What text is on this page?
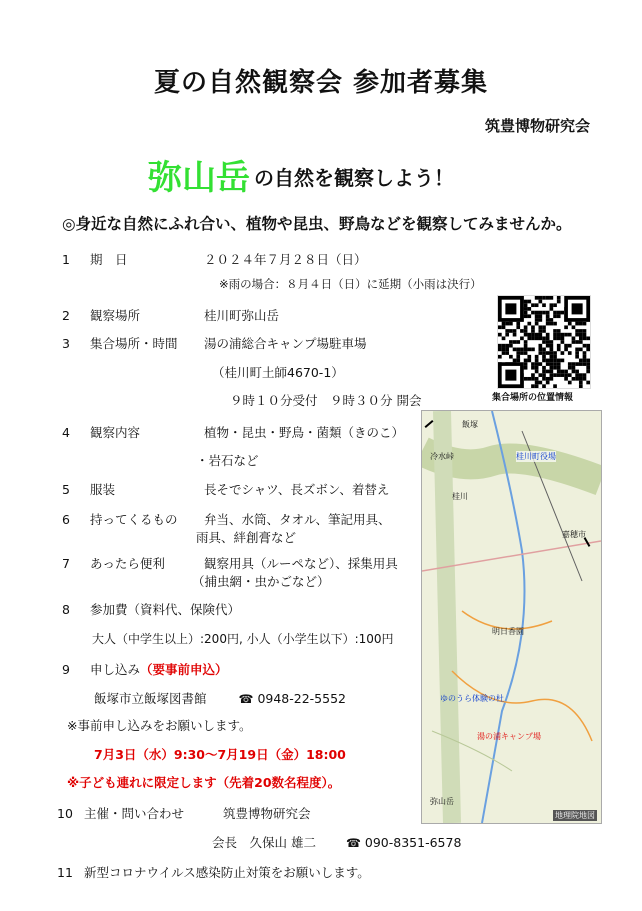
夏の自然観察会 参加者募集
筑豊博物研究会
弥山岳 の自然を観察しよう！
◎身近な自然にふれ合い、植物や昆虫、野鳥などを観察してみませんか。
1 期　日	２０２４年７月２８日（日）
※雨の場合：８月４日（日）に延期（小雨は決行）
2 観察場所	桂川町弥山岳
3 集合場所・時間 湯の浦総合キャンプ場駐車場
（桂川町土師4670-1）
９時１０分受付　９時３０分 開会	集合場所の位置情報
4 観察内容	植物・昆虫・野鳥・菌類（きのこ）
・岩石など
5 服装	長そでシャツ、長ズボン、着替え
6 持ってくるもの 弁当、水筒、タオル、筆記用具、
雨具、絆創膏など
7 あったら便利	観察用具（ルーペなど）、採集用具
（捕虫網・虫かごなど）
8 参加費（資料代、保険代）
大人（中学生以上）:200円, 小人（小学生以下）:100円
9 申し込み（要事前申込）
飯塚市立飯塚図書館	☎ 0948-22-5552
※事前申し込みをお願いします。
7月3日（水）9:30～7月19日（金）18:00
※子ども連れに限定します（先着20数名程度）。
10 主催・問い合わせ	筑豊博物研究会
会長　久保山 雄二 ☎ 090-8351-6578
11 新型コロナウイルス感染防止対策をお願いします。
飯塚
桂川町役場
冷水峠
桂川
嘉穂市
明日香園
ゆのうら体験の杜
湯の浦キャンプ場
弥山岳
地理院地図
